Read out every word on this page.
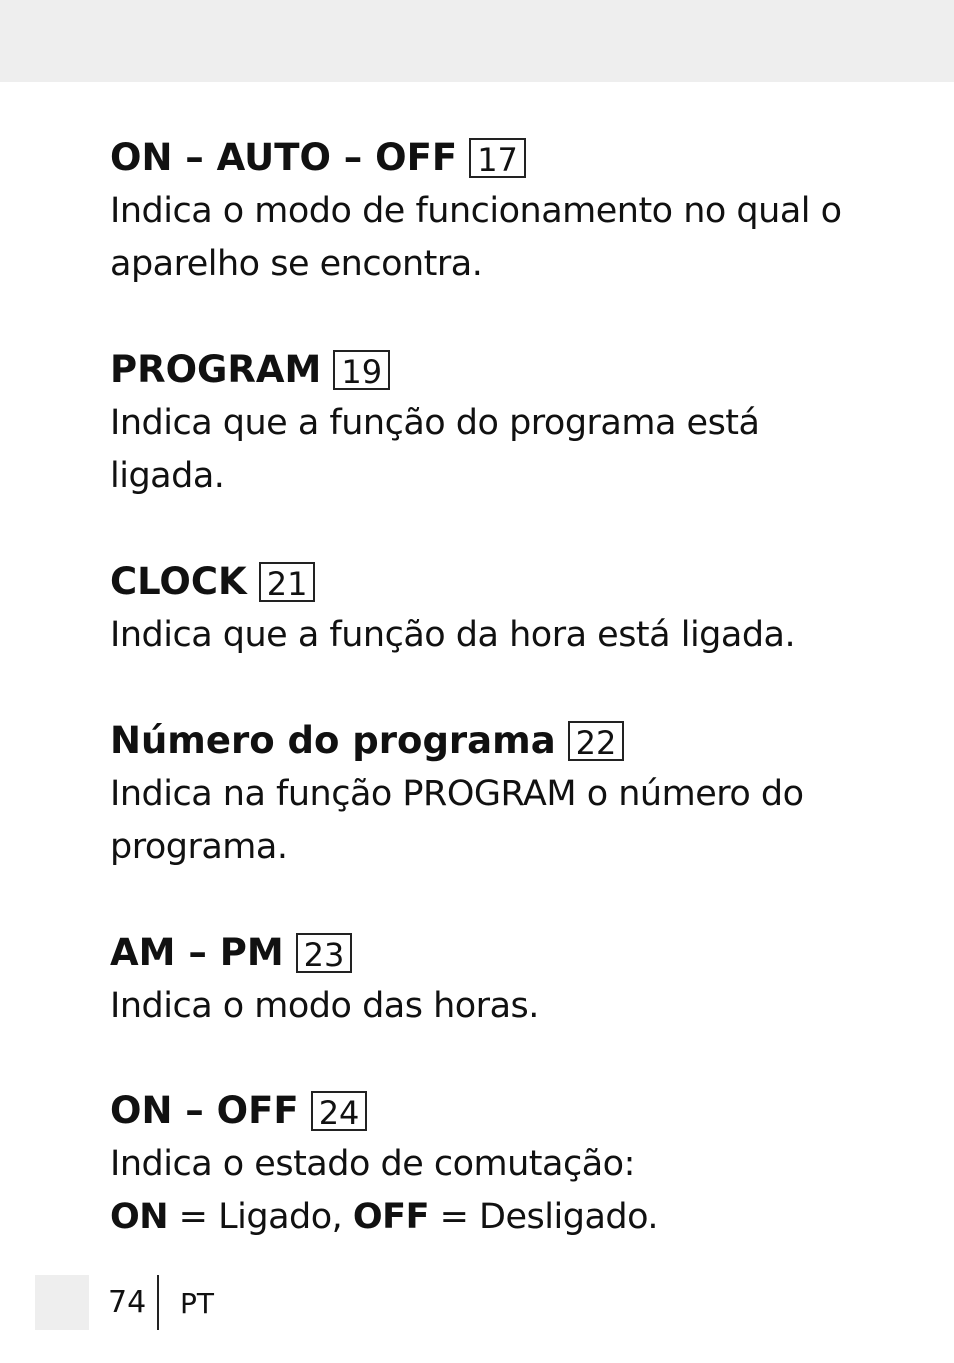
ON – AUTO – OFF 17
Indica o modo de funcionamento no qual o
aparelho se encontra.
PROGRAM 19
Indica que a função do programa está
ligada.
CLOCK 21
Indica que a função da hora está ligada.
Número do programa 22
Indica na função PROGRAM o número do
programa.
AM – PM 23
Indica o modo das horas.
ON – OFF 24
Indica o estado de comutação:
ON = Ligado, OFF = Desligado.
74 PT
